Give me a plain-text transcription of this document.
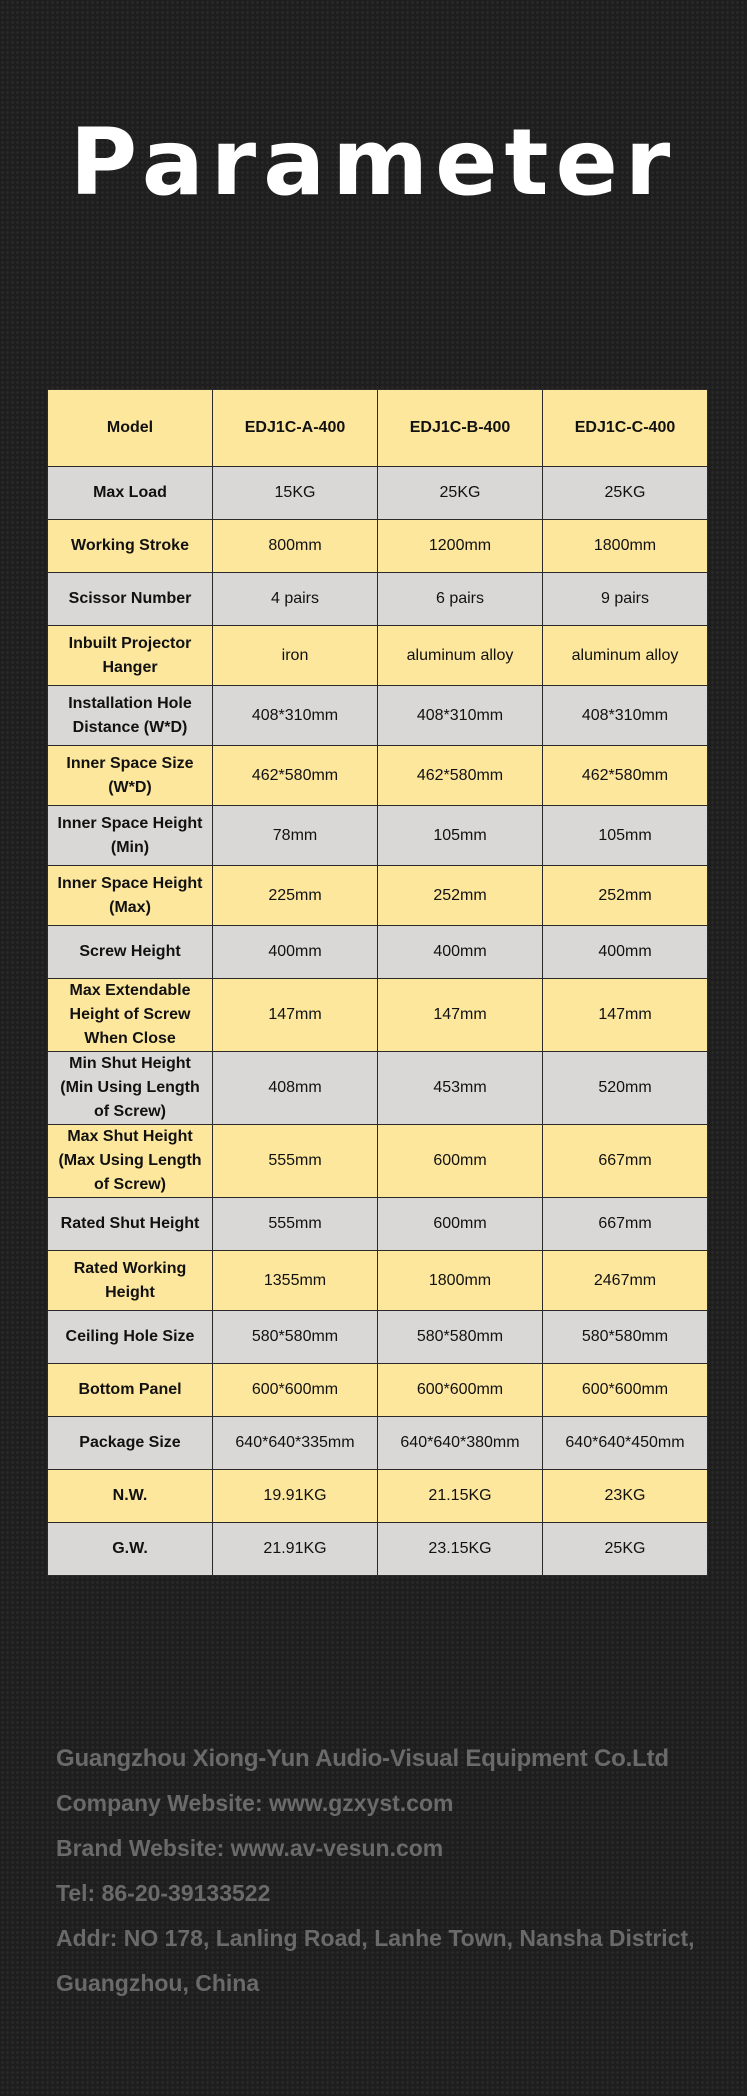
Parameter
Model	EDJ1C-A-400	EDJ1C-B-400	EDJ1C-C-400
Max Load	15KG	25KG	25KG
Working Stroke	800mm	1200mm	1800mm
Scissor Number	4 pairs	6 pairs	9 pairs
Inbuilt Projector Hanger	iron	aluminum alloy	aluminum alloy
Installation Hole Distance (W*D)	408*310mm	408*310mm	408*310mm
Inner Space Size (W*D)	462*580mm	462*580mm	462*580mm
Inner Space Height (Min)	78mm	105mm	105mm
Inner Space Height (Max)	225mm	252mm	252mm
Screw Height	400mm	400mm	400mm
Max Extendable Height of Screw When Close	147mm	147mm	147mm
Min Shut Height (Min Using Length of Screw)	408mm	453mm	520mm
Max Shut Height (Max Using Length of Screw)	555mm	600mm	667mm
Rated Shut Height	555mm	600mm	667mm
Rated Working Height	1355mm	1800mm	2467mm
Ceiling Hole Size	580*580mm	580*580mm	580*580mm
Bottom Panel	600*600mm	600*600mm	600*600mm
Package Size	640*640*335mm	640*640*380mm	640*640*450mm
N.W.	19.91KG	21.15KG	23KG
G.W.	21.91KG	23.15KG	25KG
Guangzhou Xiong-Yun Audio-Visual Equipment Co.Ltd
Company Website: www.gzxyst.com
Brand Website: www.av-vesun.com
Tel: 86-20-39133522
Addr: NO 178, Lanling Road, Lanhe Town, Nansha District,
Guangzhou, China
